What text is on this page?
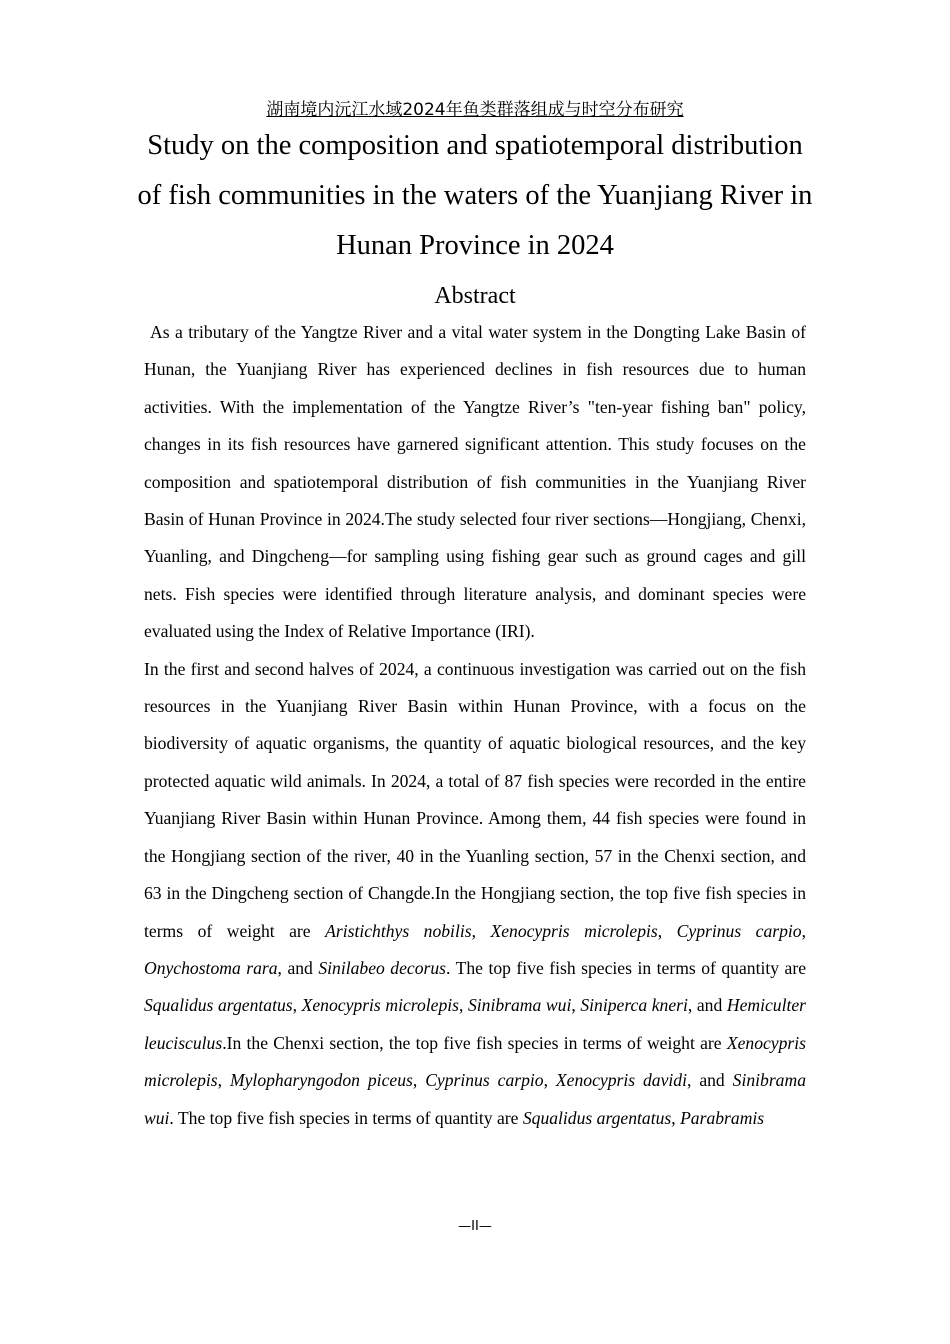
湖南境内沅江水域2024年鱼类群落组成与时空分布研究
Study on the composition and spatiotemporal distribution of fish communities in the waters of the Yuanjiang River in Hunan Province in 2024
Abstract

As a tributary of the Yangtze River and a vital water system in the Dongting Lake Basin of Hunan, the Yuanjiang River has experienced declines in fish resources due to human activities. With the implementation of the Yangtze River’s "ten-year fishing ban" policy, changes in its fish resources have garnered significant attention. This study focuses on the composition and spatiotemporal distribution of fish communities in the Yuanjiang River Basin of Hunan Province in 2024.The study selected four river sections—Hongjiang, Chenxi, Yuanling, and Dingcheng—for sampling using fishing gear such as ground cages and gill nets. Fish species were identified through literature analysis, and dominant species were evaluated using the Index of Relative Importance (IRI).

In the first and second halves of 2024, a continuous investigation was carried out on the fish resources in the Yuanjiang River Basin within Hunan Province, with a focus on the biodiversity of aquatic organisms, the quantity of aquatic biological resources, and the key protected aquatic wild animals. In 2024, a total of 87 fish species were recorded in the entire Yuanjiang River Basin within Hunan Province. Among them, 44 fish species were found in the Hongjiang section of the river, 40 in the Yuanling section, 57 in the Chenxi section, and 63 in the Dingcheng section of Changde.In the Hongjiang section, the top five fish species in terms of weight are Aristichthys nobilis, Xenocypris microlepis, Cyprinus carpio, Onychostoma rara, and Sinilabeo decorus. The top five fish species in terms of quantity are Squalidus argentatus, Xenocypris microlepis, Sinibrama wui, Siniperca kneri, and Hemiculter leucisculus.In the Chenxi section, the top five fish species in terms of weight are Xenocypris microlepis, Mylopharyngodon piceus, Cyprinus carpio, Xenocypris davidi, and Sinibrama wui. The top five fish species in terms of quantity are Squalidus argentatus, Parabramis

—II—
